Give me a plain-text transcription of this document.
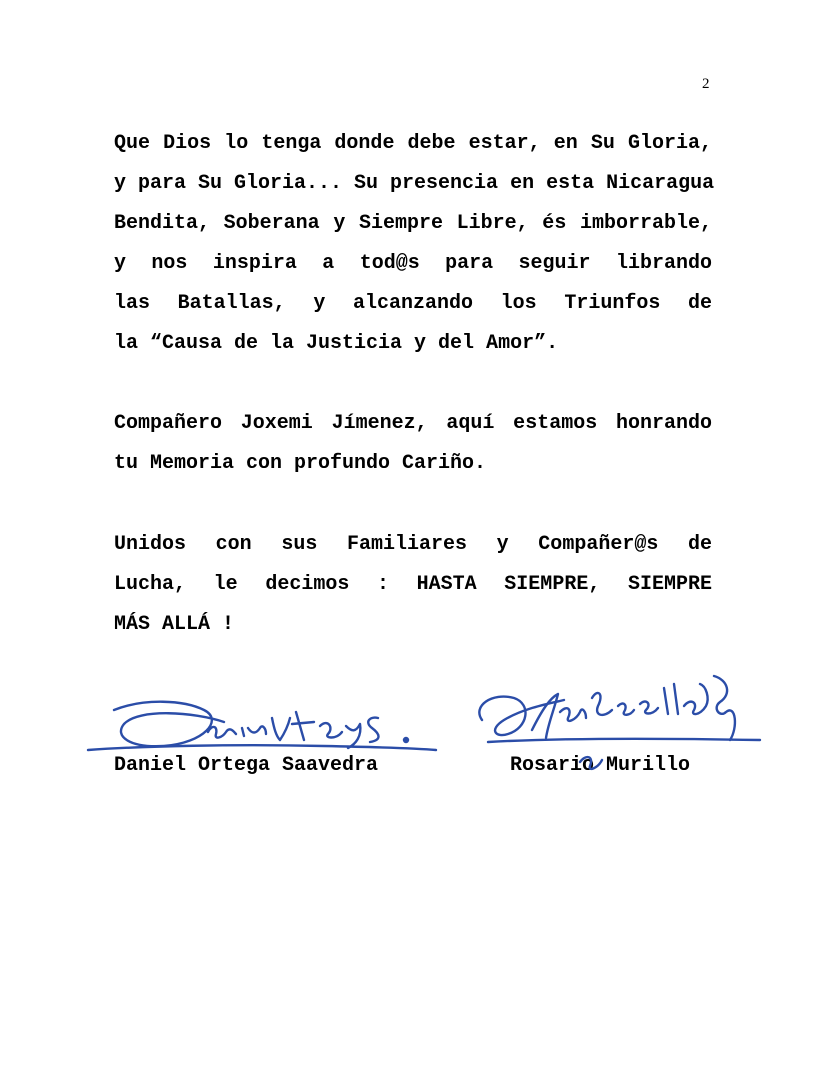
2
Que Dios lo tenga donde debe estar, en Su Gloria,
y para Su Gloria... Su presencia en esta Nicaragua
Bendita, Soberana y Siempre Libre, és imborrable,
y nos inspira a tod@s para seguir librando
las Batallas, y alcanzando los Triunfos de
la “Causa de la Justicia y del Amor”.
Compañero Joxemi Jímenez, aquí estamos honrando
tu Memoria con profundo Cariño.
Unidos con sus Familiares y Compañer@s de
Lucha, le decimos : HASTA SIEMPRE, SIEMPRE
MÁS ALLÁ !
Daniel Ortega Saavedra	Rosario Murillo
